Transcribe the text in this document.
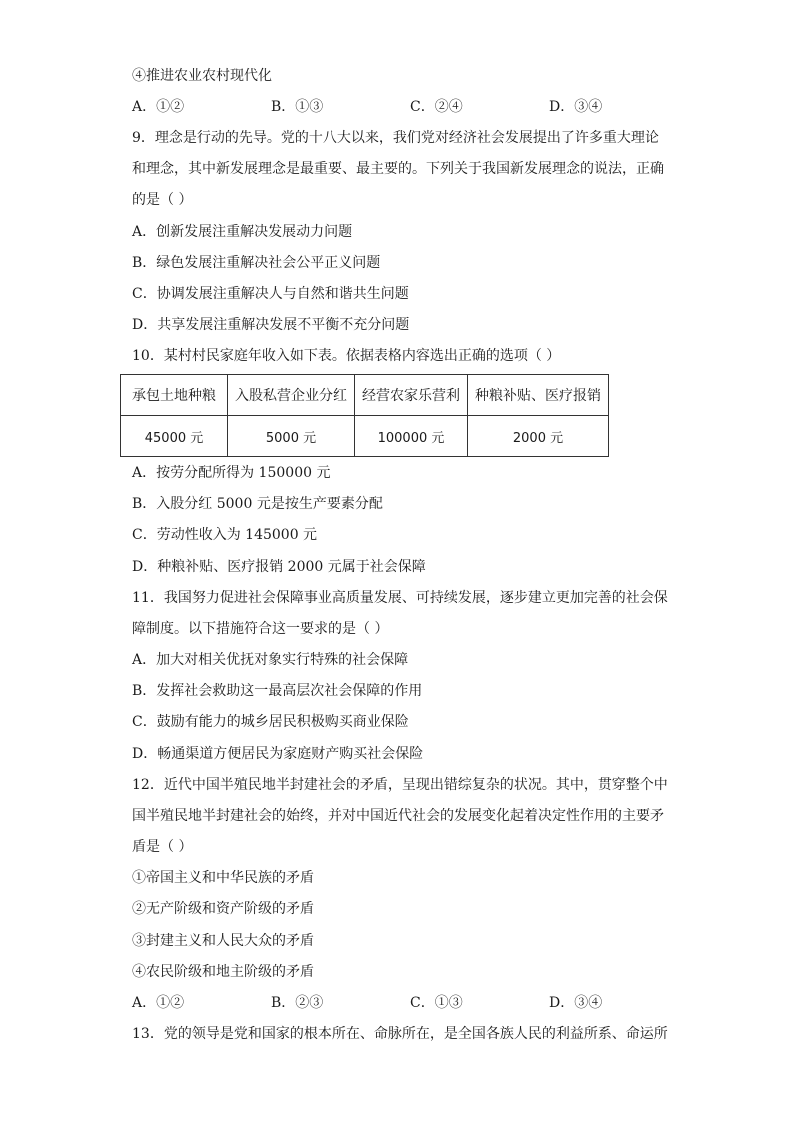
④推进农业农村现代化
A．①②	B．①③	C．②④	D．③④
9．理念是行动的先导。党的十八大以来，我们党对经济社会发展提出了许多重大理论
和理念，其中新发展理念是最重要、最主要的。下列关于我国新发展理念的说法，正确
的是（ ）
A．创新发展注重解决发展动力问题
B．绿色发展注重解决社会公平正义问题
C．协调发展注重解决人与自然和谐共生问题
D．共享发展注重解决发展不平衡不充分问题
10．某村村民家庭年收入如下表。依据表格内容选出正确的选项（ ）
承包土地种粮	入股私营企业分红	经营农家乐营利	种粮补贴、医疗报销
45000 元	5000 元	100000 元	2000 元
A．按劳分配所得为 150000 元
B．入股分红 5000 元是按生产要素分配
C．劳动性收入为 145000 元
D．种粮补贴、医疗报销 2000 元属于社会保障
11．我国努力促进社会保障事业高质量发展、可持续发展，逐步建立更加完善的社会保
障制度。以下措施符合这一要求的是（ ）
A．加大对相关优抚对象实行特殊的社会保障
B．发挥社会救助这一最高层次社会保障的作用
C．鼓励有能力的城乡居民积极购买商业保险
D．畅通渠道方便居民为家庭财产购买社会保险
12．近代中国半殖民地半封建社会的矛盾，呈现出错综复杂的状况。其中，贯穿整个中
国半殖民地半封建社会的始终，并对中国近代社会的发展变化起着决定性作用的主要矛
盾是（ ）
①帝国主义和中华民族的矛盾
②无产阶级和资产阶级的矛盾
③封建主义和人民大众的矛盾
④农民阶级和地主阶级的矛盾
A．①②	B．②③	C．①③	D．③④
13．党的领导是党和国家的根本所在、命脉所在，是全国各族人民的利益所系、命运所
